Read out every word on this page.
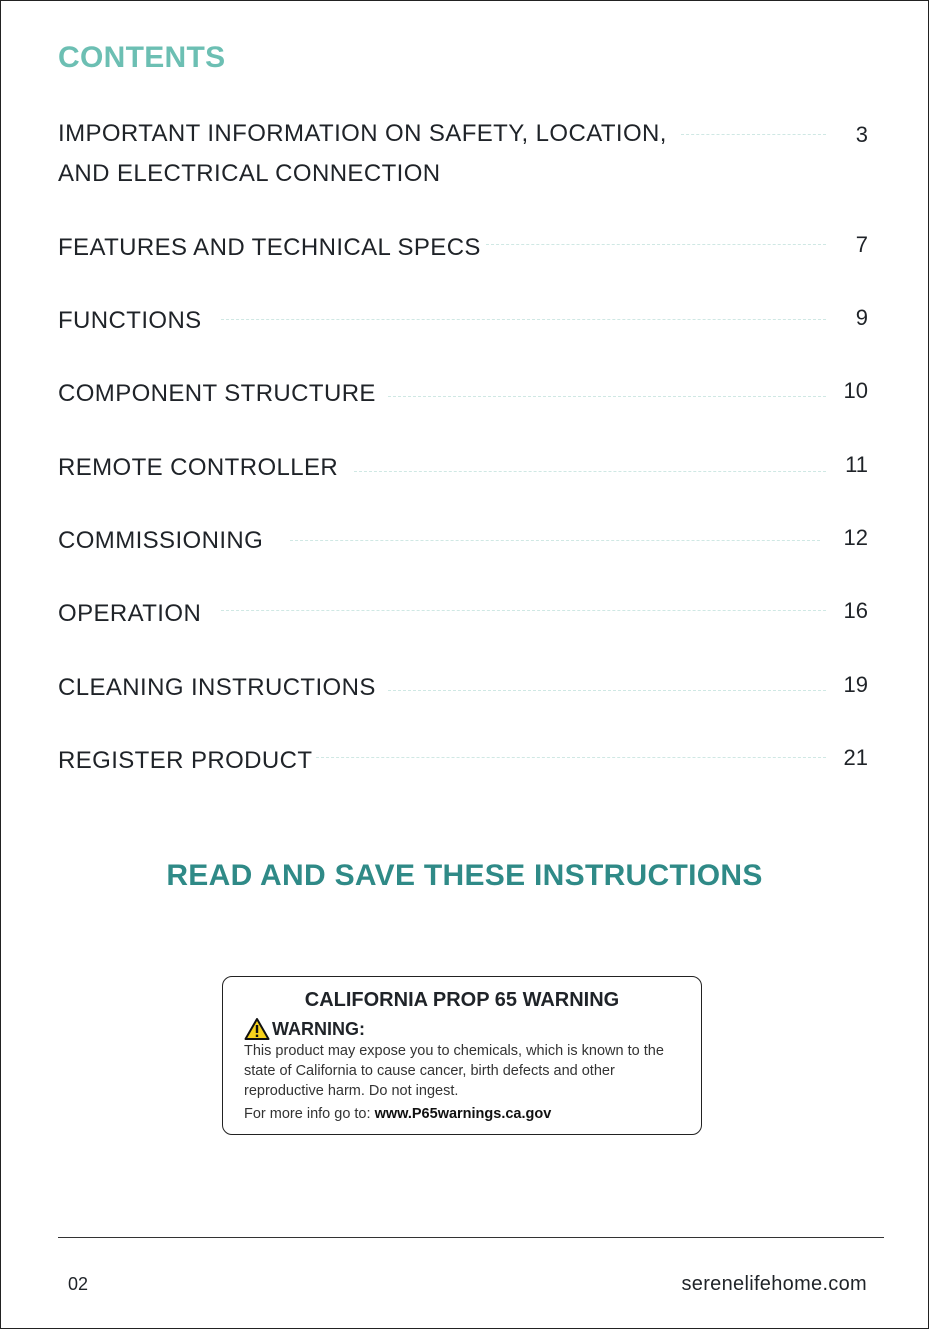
CONTENTS
IMPORTANT INFORMATION ON SAFETY, LOCATION,	3
AND ELECTRICAL CONNECTION
FEATURES AND TECHNICAL SPECS	7
FUNCTIONS	9
COMPONENT STRUCTURE	10
REMOTE CONTROLLER	11
COMMISSIONING	12
OPERATION	16
CLEANING INSTRUCTIONS	19
REGISTER PRODUCT	21
READ AND SAVE THESE INSTRUCTIONS
CALIFORNIA PROP 65 WARNING
WARNING:
This product may expose you to chemicals, which is known to the state of California to cause cancer, birth defects and other reproductive harm. Do not ingest.
For more info go to: www.P65warnings.ca.gov
02	serenelifehome.com
